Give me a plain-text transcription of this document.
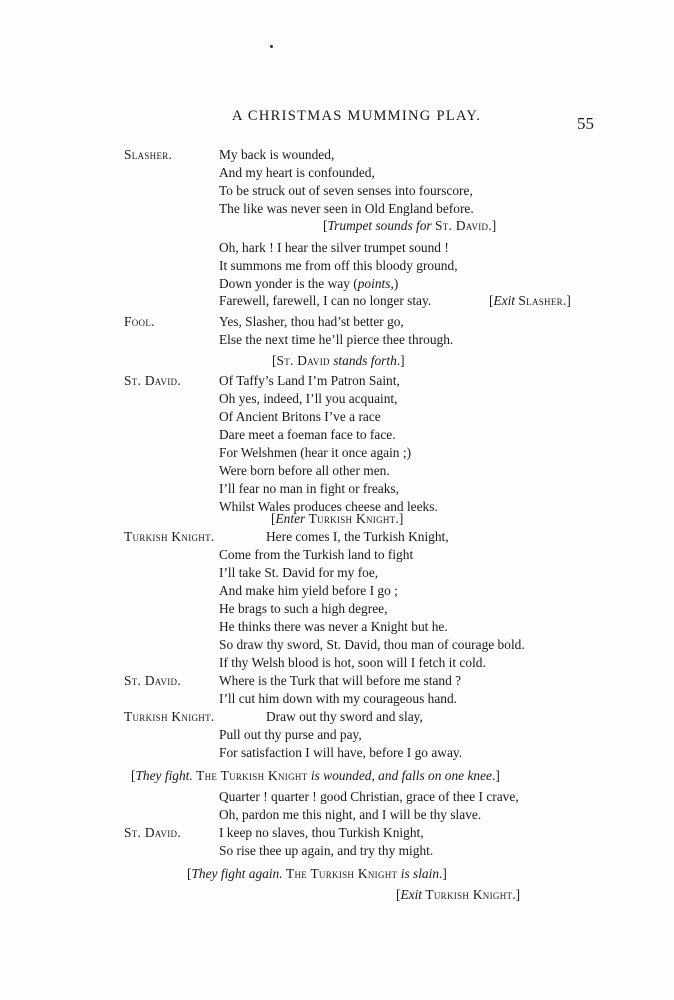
A CHRISTMAS MUMMING PLAY.	55
Slasher.	My back is wounded,
And my heart is confounded,
To be struck out of seven senses into fourscore,
The like was never seen in Old England before.
[Trumpet sounds for St. David.]
Oh, hark ! I hear the silver trumpet sound !
It summons me from off this bloody ground,
Down yonder is the way (points,)
Farewell, farewell, I can no longer stay.	[Exit Slasher.]
Fool.	Yes, Slasher, thou had’st better go,
Else the next time he’ll pierce thee through.
[St. David stands forth.]
St. David.	Of Taffy’s Land I’m Patron Saint,
Oh yes, indeed, I’ll you acquaint,
Of Ancient Britons I’ve a race
Dare meet a foeman face to face.
For Welshmen (hear it once again ;)
Were born before all other men.
I’ll fear no man in fight or freaks,
Whilst Wales produces cheese and leeks.
[Enter Turkish Knight.]
Turkish Knight.	Here comes I, the Turkish Knight,
Come from the Turkish land to fight
I’ll take St. David for my foe,
And make him yield before I go ;
He brags to such a high degree,
He thinks there was never a Knight but he.
So draw thy sword, St. David, thou man of courage bold.
If thy Welsh blood is hot, soon will I fetch it cold.
St. David.	Where is the Turk that will before me stand ?
I’ll cut him down with my courageous hand.
Turkish Knight.	Draw out thy sword and slay,
Pull out thy purse and pay,
For satisfaction I will have, before I go away.
[They fight. The Turkish Knight is wounded, and falls on one knee.]
Quarter ! quarter ! good Christian, grace of thee I crave,
Oh, pardon me this night, and I will be thy slave.
St. David.	I keep no slaves, thou Turkish Knight,
So rise thee up again, and try thy might.
[They fight again. The Turkish Knight is slain.]
[Exit Turkish Knight.]
